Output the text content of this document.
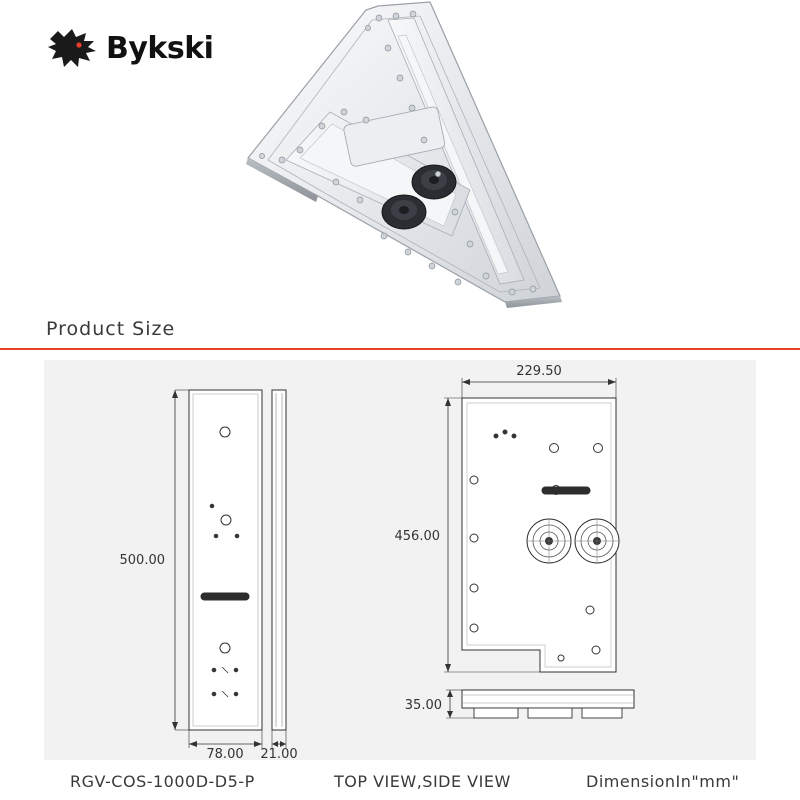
Bykski
Product Size
500.00
78.00 21.00
229.50
456.00
35.00
RGV-COS-1000D-D5-P	TOP VIEW,SIDE VIEW	DimensionIn"mm"
